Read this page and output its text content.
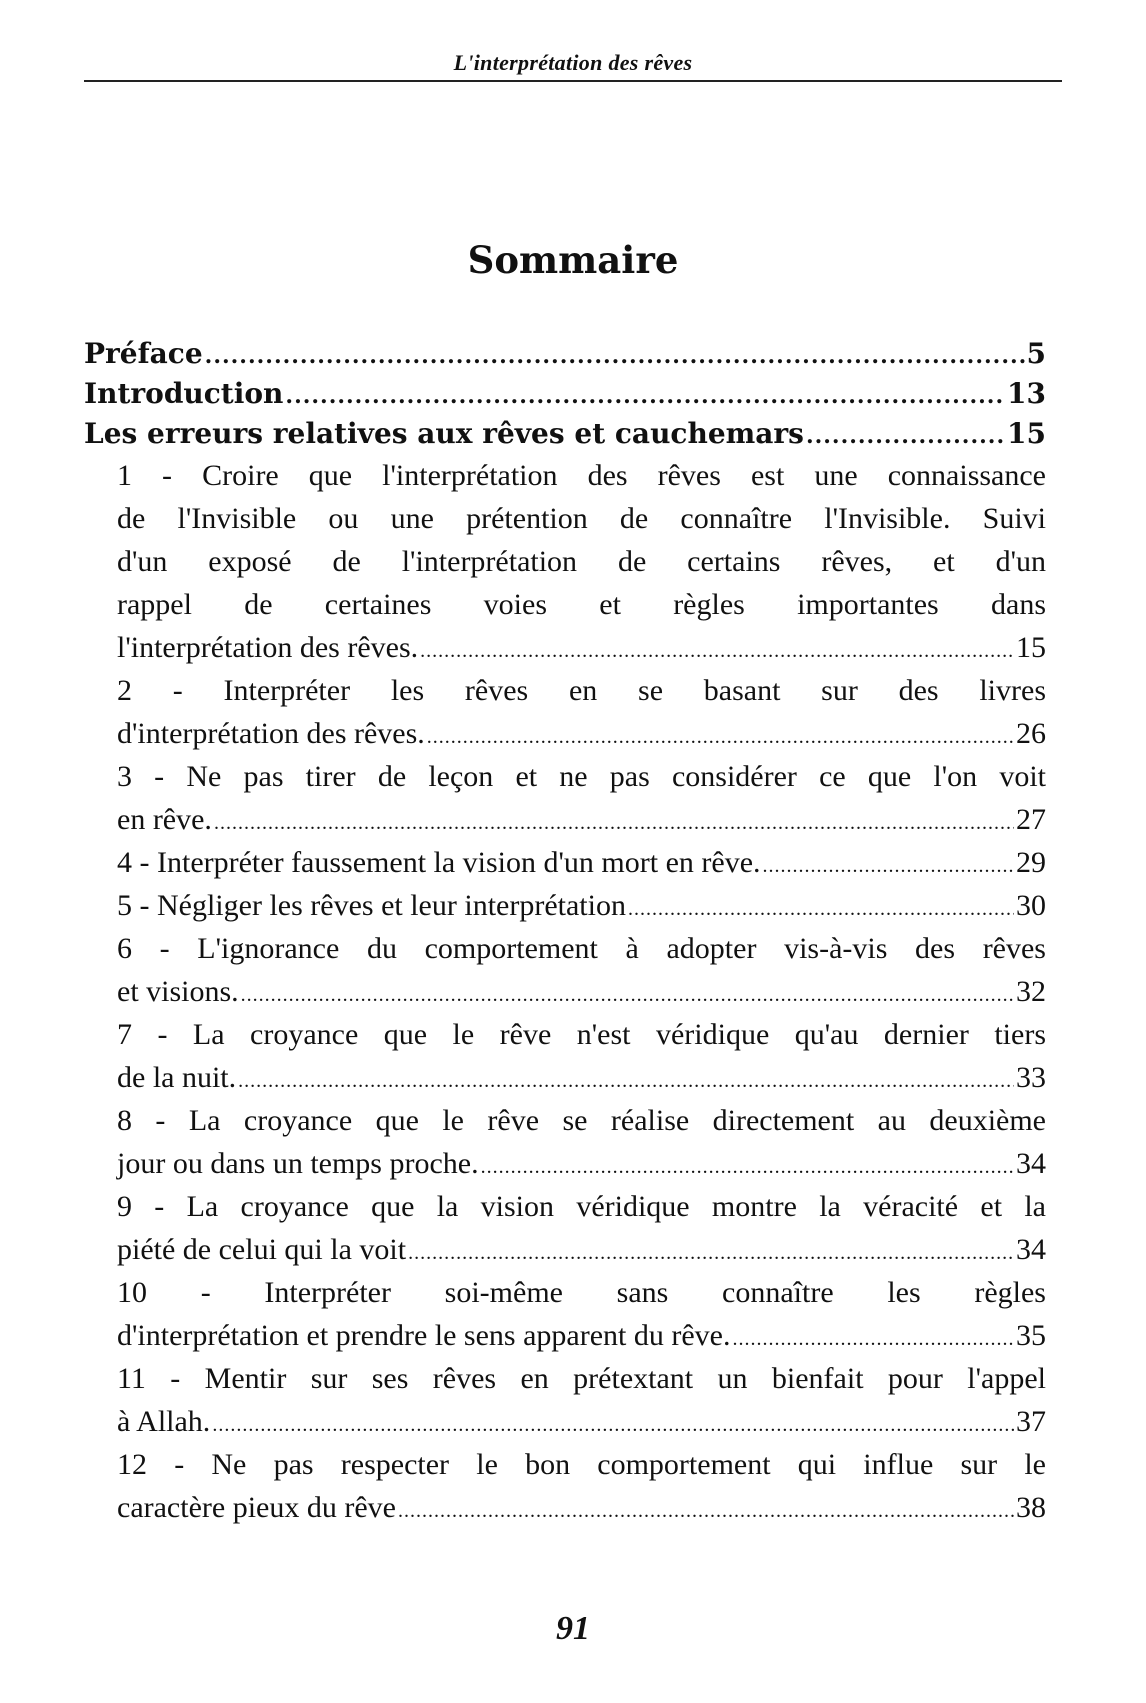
L'interprétation des rêves
Sommaire
Préface .....	5
Introduction .....	13
Les erreurs relatives aux rêves et cauchemars .....	15
1 - Croire que l'interprétation des rêves est une connaissance
de l'Invisible ou une prétention de connaître l'Invisible. Suivi
d'un exposé de l'interprétation de certains rêves, et d'un
rappel de certaines voies et règles importantes dans
l'interprétation des rêves. .....	15
2 - Interpréter les rêves en se basant sur des livres
d'interprétation des rêves. .....	26
3 - Ne pas tirer de leçon et ne pas considérer ce que l'on voit
en rêve. .....	27
4 - Interpréter faussement la vision d'un mort en rêve. .....	29
5 - Négliger les rêves et leur interprétation .....	30
6 - L'ignorance du comportement à adopter vis-à-vis des rêves
et visions. .....	32
7 - La croyance que le rêve n'est véridique qu'au dernier tiers
de la nuit. .....	33
8 - La croyance que le rêve se réalise directement au deuxième
jour ou dans un temps proche. .....	34
9 - La croyance que la vision véridique montre la véracité et la
piété de celui qui la voit .....	34
10 - Interpréter soi-même sans connaître les règles
d'interprétation et prendre le sens apparent du rêve. .....	35
11 - Mentir sur ses rêves en prétextant un bienfait pour l'appel
à Allah. .....	37
12 - Ne pas respecter le bon comportement qui influe sur le
caractère pieux du rêve .....	38
91
